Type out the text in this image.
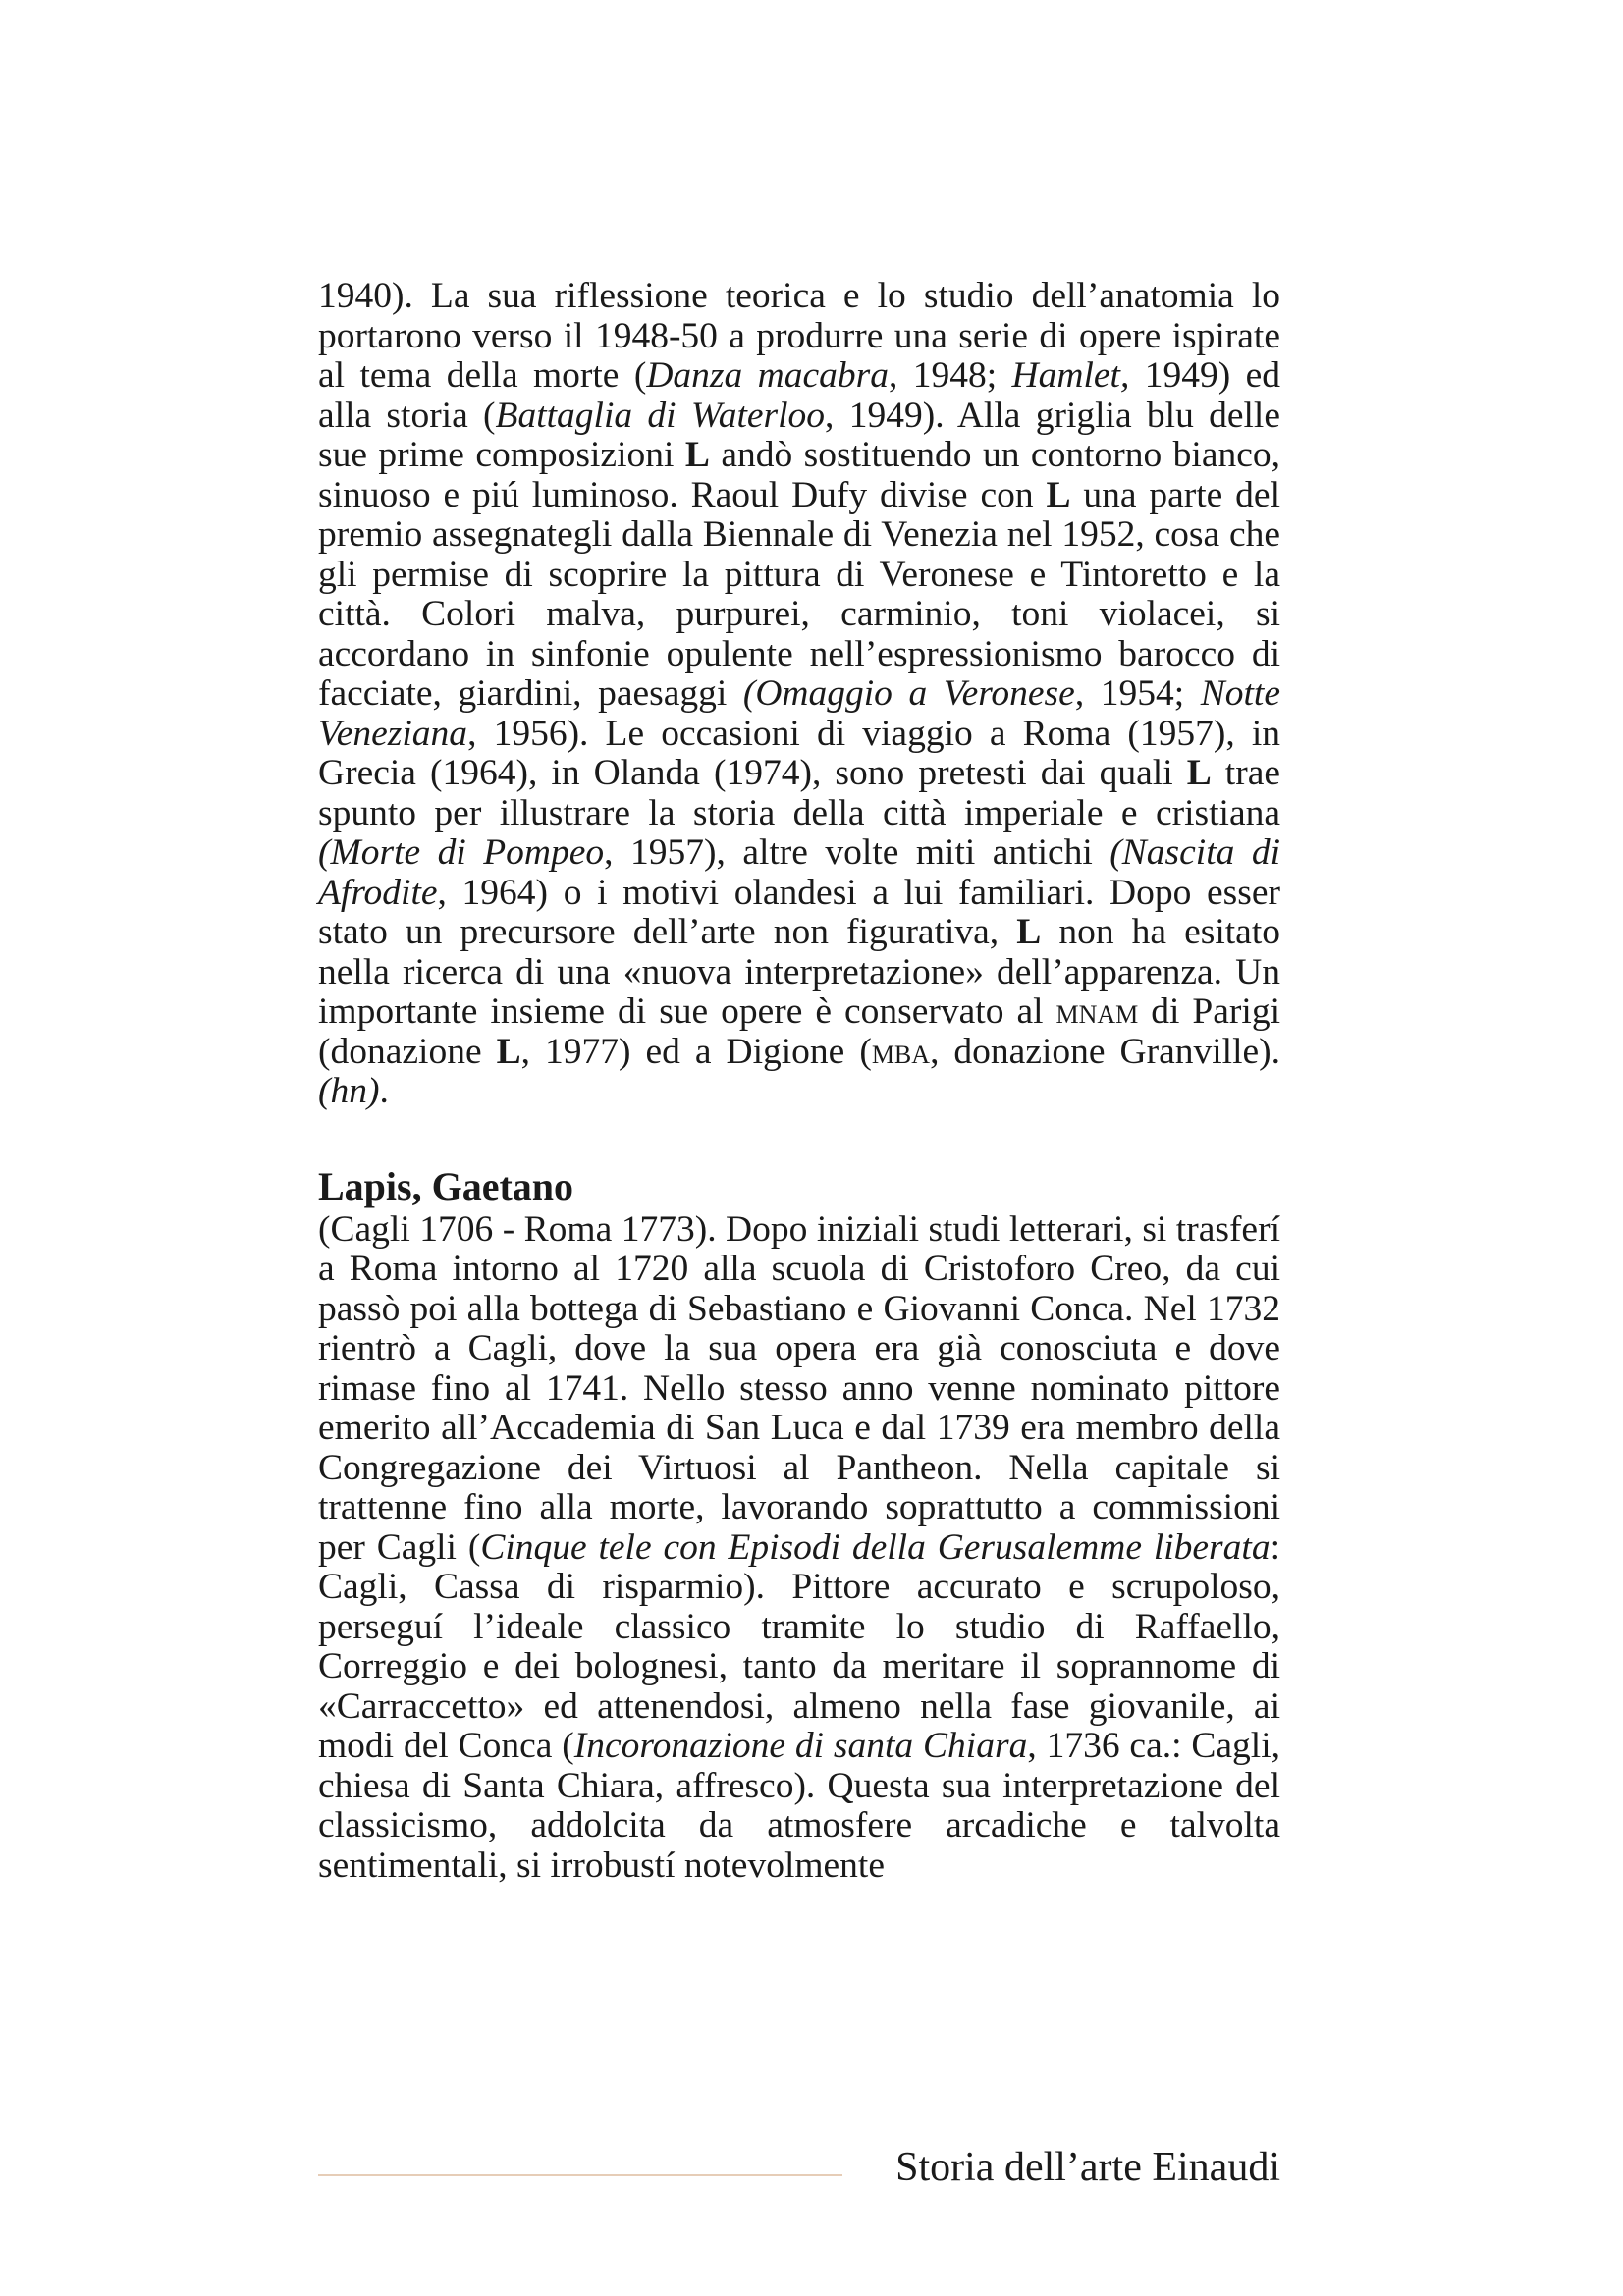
1940). La sua riflessione teorica e lo studio dell’anatomia lo portarono verso il 1948-50 a produrre una serie di opere ispirate al tema della morte (Danza macabra, 1948; Hamlet, 1949) ed alla storia (Battaglia di Waterloo, 1949). Alla griglia blu delle sue prime composizioni L andò sostituendo un contorno bianco, sinuoso e piú luminoso. Raoul Dufy divise con L una parte del premio assegnategli dalla Biennale di Venezia nel 1952, cosa che gli permise di scoprire la pittura di Veronese e Tintoretto e la città. Colori malva, purpurei, carminio, toni violacei, si accordano in sinfonie opulente nell’espressionismo barocco di facciate, giardini, paesaggi (Omaggio a Veronese, 1954; Notte Veneziana, 1956). Le occasioni di viaggio a Roma (1957), in Grecia (1964), in Olanda (1974), sono pretesti dai quali L trae spunto per illustrare la storia della città imperiale e cristiana (Morte di Pompeo, 1957), altre volte miti antichi (Nascita di Afrodite, 1964) o i motivi olandesi a lui familiari. Dopo esser stato un precursore dell’arte non figurativa, L non ha esitato nella ricerca di una «nuova interpretazione» dell’apparenza. Un importante insieme di sue opere è conservato al mnam di Parigi (donazione L, 1977) ed a Digione (mba, donazione Granville). (hn).

Lapis, Gaetano

(Cagli 1706 - Roma 1773). Dopo iniziali studi letterari, si trasferí a Roma intorno al 1720 alla scuola di Cristoforo Creo, da cui passò poi alla bottega di Sebastiano e Giovanni Conca. Nel 1732 rientrò a Cagli, dove la sua opera era già conosciuta e dove rimase fino al 1741. Nello stesso anno venne nominato pittore emerito all’Accademia di San Luca e dal 1739 era membro della Congregazione dei Virtuosi al Pantheon. Nella capitale si trattenne fino alla morte, lavorando soprattutto a commissioni per Cagli (Cinque tele con Episodi della Gerusalemme liberata: Cagli, Cassa di risparmio). Pittore accurato e scrupoloso, perseguí l’ideale classico tramite lo studio di Raffaello, Correggio e dei bolognesi, tanto da meritare il soprannome di «Carraccetto» ed attenendosi, almeno nella fase giovanile, ai modi del Conca (Incoronazione di santa Chiara, 1736 ca.: Cagli, chiesa di Santa Chiara, affresco). Questa sua interpretazione del classicismo, addolcita da atmosfere arcadiche e talvolta sentimentali, si irrobustí notevolmente

Storia dell’arte Einaudi
